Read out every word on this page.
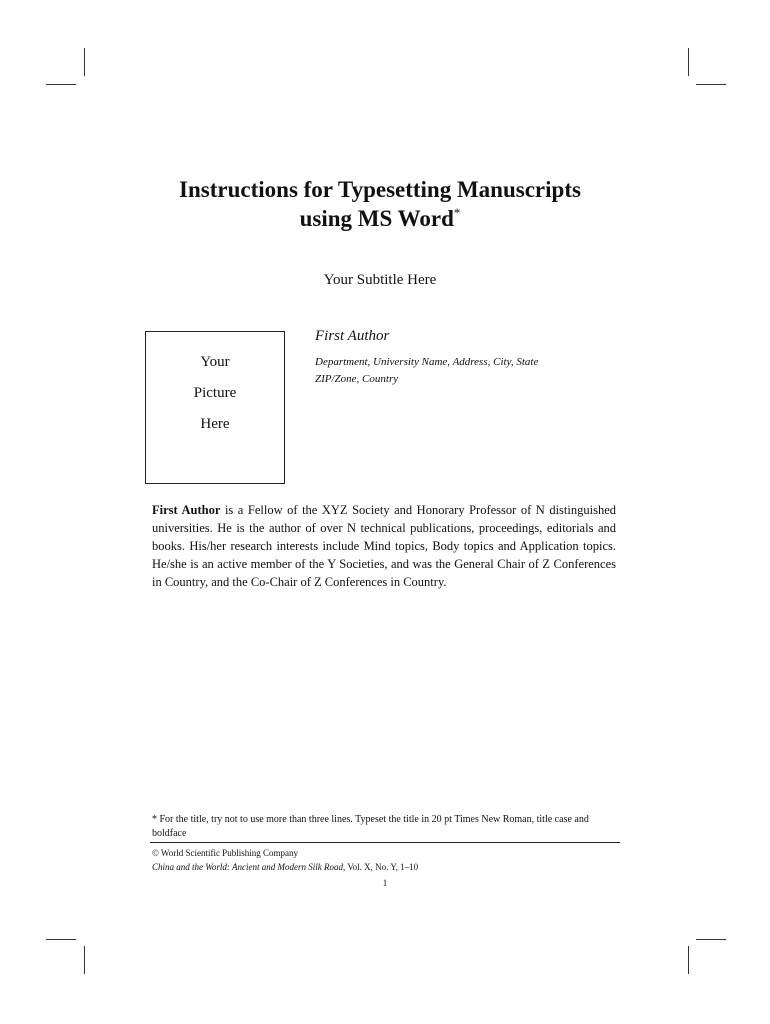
Instructions for Typesetting Manuscripts
using MS Word*
Your Subtitle Here
Your
Picture
Here
First Author
Department, University Name, Address, City, State
ZIP/Zone, Country
First Author is a Fellow of the XYZ Society and Honorary Professor of N distinguished universities. He is the author of over N technical publications, proceedings, editorials and books. His/her research interests include Mind topics, Body topics and Application topics. He/she is an active member of the Y Societies, and was the General Chair of Z Conferences in Country, and the Co-Chair of Z Conferences in Country.
* For the title, try not to use more than three lines. Typeset the title in 20 pt Times New Roman, title case and boldface
© World Scientific Publishing Company
China and the World: Ancient and Modern Silk Road, Vol. X, No. Y, 1–10
1
